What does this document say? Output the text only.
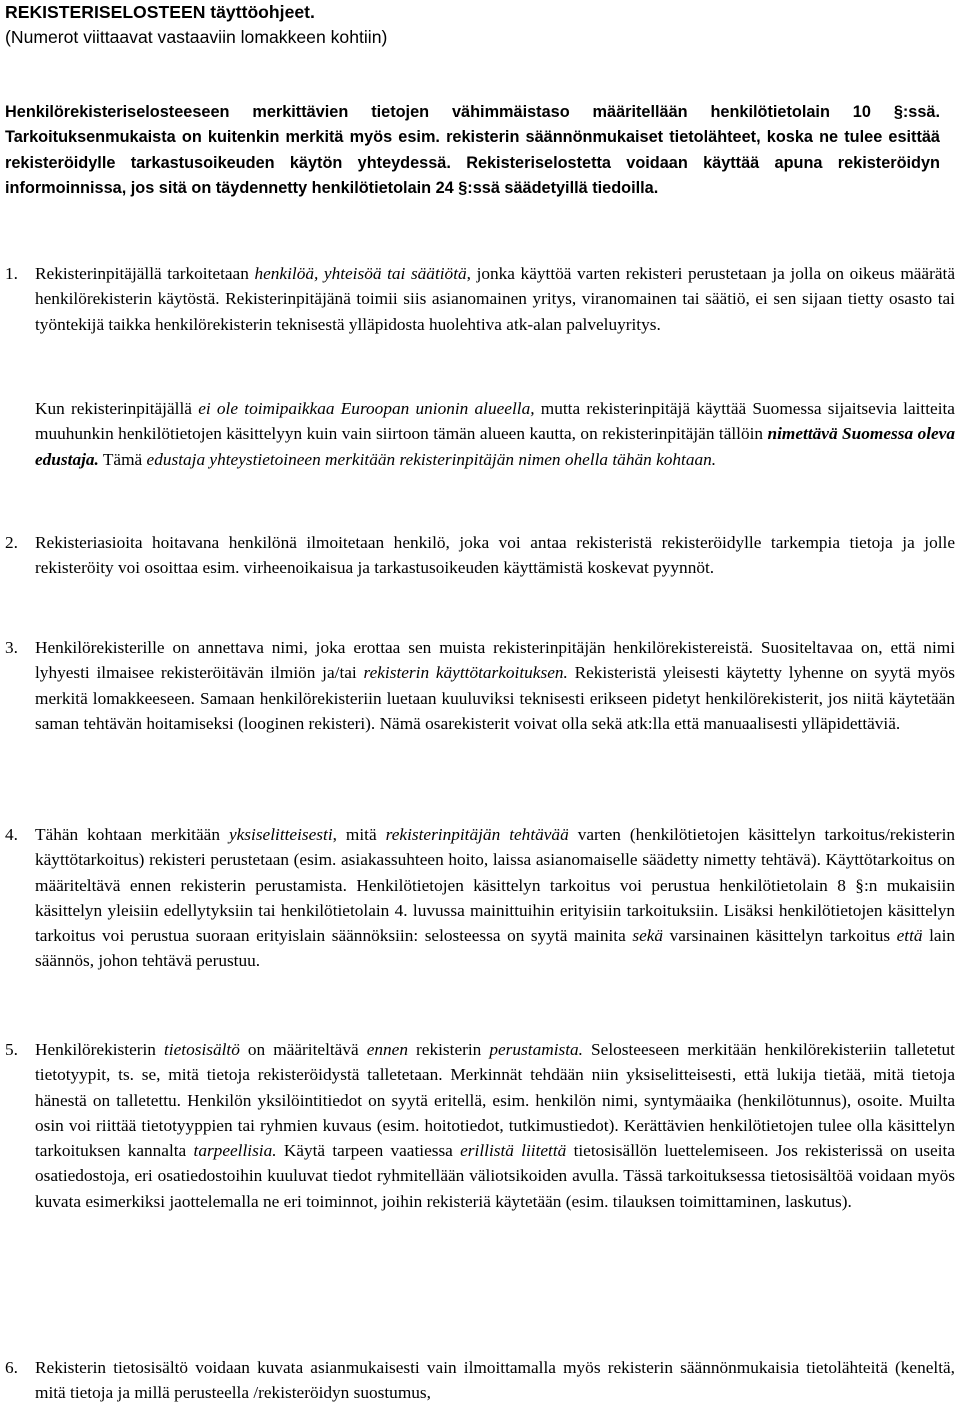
REKISTERISELOSTEEN täyttöohjeet.
(Numerot viittaavat vastaaviin lomakkeen kohtiin)

Henkilörekisteriselosteeseen merkittävien tietojen vähimmäistaso määritellään henkilötietolain 10 §:ssä. Tarkoituksenmukaista on kuitenkin merkitä myös esim. rekisterin säännönmukaiset tietolähteet, koska ne tulee esittää rekisteröidylle tarkastusoikeuden käytön yhteydessä. Rekisteriselostetta voidaan käyttää apuna rekisteröidyn informoinnissa, jos sitä on täydennetty henkilötietolain 24 §:ssä säädetyillä tiedoilla.

1. Rekisterinpitäjällä tarkoitetaan henkilöä, yhteisöä tai säätiötä, jonka käyttöä varten rekisteri perustetaan ja jolla on oikeus määrätä henkilörekisterin käytöstä. Rekisterinpitäjänä toimii siis asianomainen yritys, viranomainen tai säätiö, ei sen sijaan tietty osasto tai työntekijä taikka henkilörekisterin teknisestä ylläpidosta huolehtiva atk-alan palveluyritys.

Kun rekisterinpitäjällä ei ole toimipaikkaa Euroopan unionin alueella, mutta rekisterinpitäjä käyttää Suomessa sijaitsevia laitteita muuhunkin henkilötietojen käsittelyyn kuin vain siirtoon tämän alueen kautta, on rekisterinpitäjän tällöin nimettävä Suomessa oleva edustaja. Tämä edustaja yhteystietoineen merkitään rekisterinpitäjän nimen ohella tähän kohtaan.

2. Rekisteriasioita hoitavana henkilönä ilmoitetaan henkilö, joka voi antaa rekisteristä rekisteröidylle tarkempia tietoja ja jolle rekisteröity voi osoittaa esim. virheenoikaisua ja tarkastusoikeuden käyttämistä koskevat pyynnöt.

3. Henkilörekisterille on annettava nimi, joka erottaa sen muista rekisterinpitäjän henkilörekistereistä. Suositeltavaa on, että nimi lyhyesti ilmaisee rekisteröitävän ilmiön ja/tai rekisterin käyttötarkoituksen. Rekisteristä yleisesti käytetty lyhenne on syytä myös merkitä lomakkeeseen. Samaan henkilörekisteriin luetaan kuuluviksi teknisesti erikseen pidetyt henkilörekisterit, jos niitä käytetään saman tehtävän hoitamiseksi (looginen rekisteri). Nämä osarekisterit voivat olla sekä atk:lla että manuaalisesti ylläpidettäviä.

4. Tähän kohtaan merkitään yksiselitteisesti, mitä rekisterinpitäjän tehtävää varten (henkilötietojen käsittelyn tarkoitus/rekisterin käyttötarkoitus) rekisteri perustetaan (esim. asiakassuhteen hoito, laissa asianomaiselle säädetty nimetty tehtävä). Käyttötarkoitus on määriteltävä ennen rekisterin perustamista. Henkilötietojen käsittelyn tarkoitus voi perustua henkilötietolain 8 §:n mukaisiin käsittelyn yleisiin edellytyksiin tai henkilötietolain 4. luvussa mainittuihin erityisiin tarkoituksiin. Lisäksi henkilötietojen käsittelyn tarkoitus voi perustua suoraan erityislain säännöksiin: selosteessa on syytä mainita sekä varsinainen käsittelyn tarkoitus että lain säännös, johon tehtävä perustuu.

5. Henkilörekisterin tietosisältö on määriteltävä ennen rekisterin perustamista. Selosteeseen merkitään henkilörekisteriin talletetut tietotyypit, ts. se, mitä tietoja rekisteröidystä talletetaan. Merkinnät tehdään niin yksiselitteisesti, että lukija tietää, mitä tietoja hänestä on talletettu. Henkilön yksilöintitiedot on syytä eritellä, esim. henkilön nimi, syntymäaika (henkilötunnus), osoite. Muilta osin voi riittää tietotyyppien tai ryhmien kuvaus (esim. hoitotiedot, tutkimustiedot). Kerättävien henkilötietojen tulee olla käsittelyn tarkoituksen kannalta tarpeellisia. Käytä tarpeen vaatiessa erillistä liitettä tietosisällön luettelemiseen. Jos rekisterissä on useita osatiedostoja, eri osatiedostoihin kuuluvat tiedot ryhmitellään väliotsikoiden avulla. Tässä tarkoituksessa tietosisältöä voidaan myös kuvata esimerkiksi jaottelemalla ne eri toiminnot, joihin rekisteriä käytetään (esim. tilauksen toimittaminen, laskutus).

6. Rekisterin tietosisältö voidaan kuvata asianmukaisesti vain ilmoittamalla myös rekisterin säännönmukaisia tietolähteitä (keneltä, mitä tietoja ja millä perusteella /rekisteröidyn suostumus,
